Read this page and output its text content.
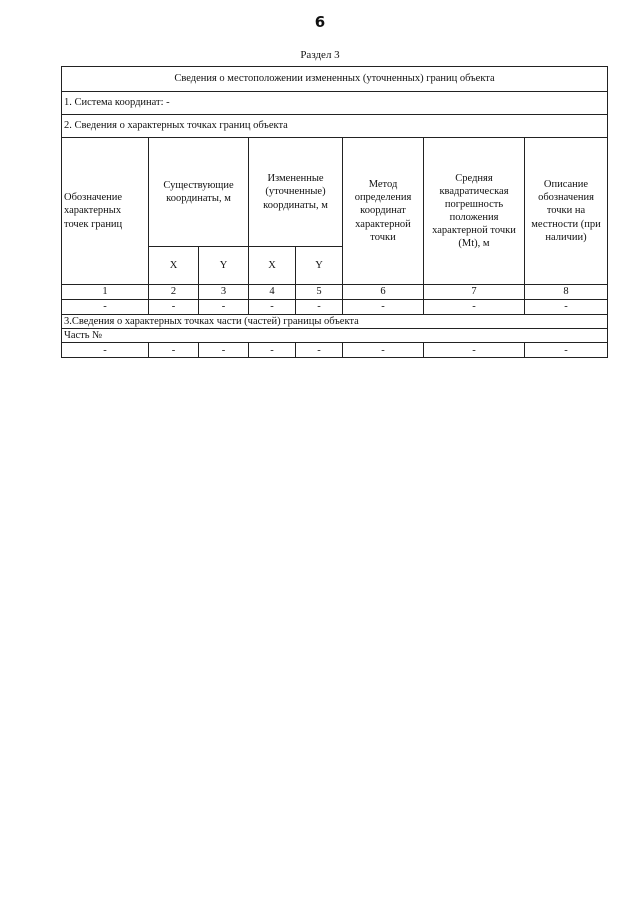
6
Раздел 3
Сведения о местоположении измененных (уточненных) границ объекта							
1. Система координат: -							
2. Сведения о характерных точках границ объекта							
Обозначение характерных точек границ	Существующие координаты, м		Измененные (уточненные) координаты, м		Метод определения координат характерной точки	Средняя квадратическая погрешность положения характерной точки (Mt), м	Описание обозначения точки на местности (при наличии)
	X	Y	X	Y			
1	2	3	4	5	6	7	8
-	-	-	-	-	-	-	-
3.Сведения о характерных точках части (частей) границы объекта							
Часть №							
-	-	-	-	-	-	-	-
